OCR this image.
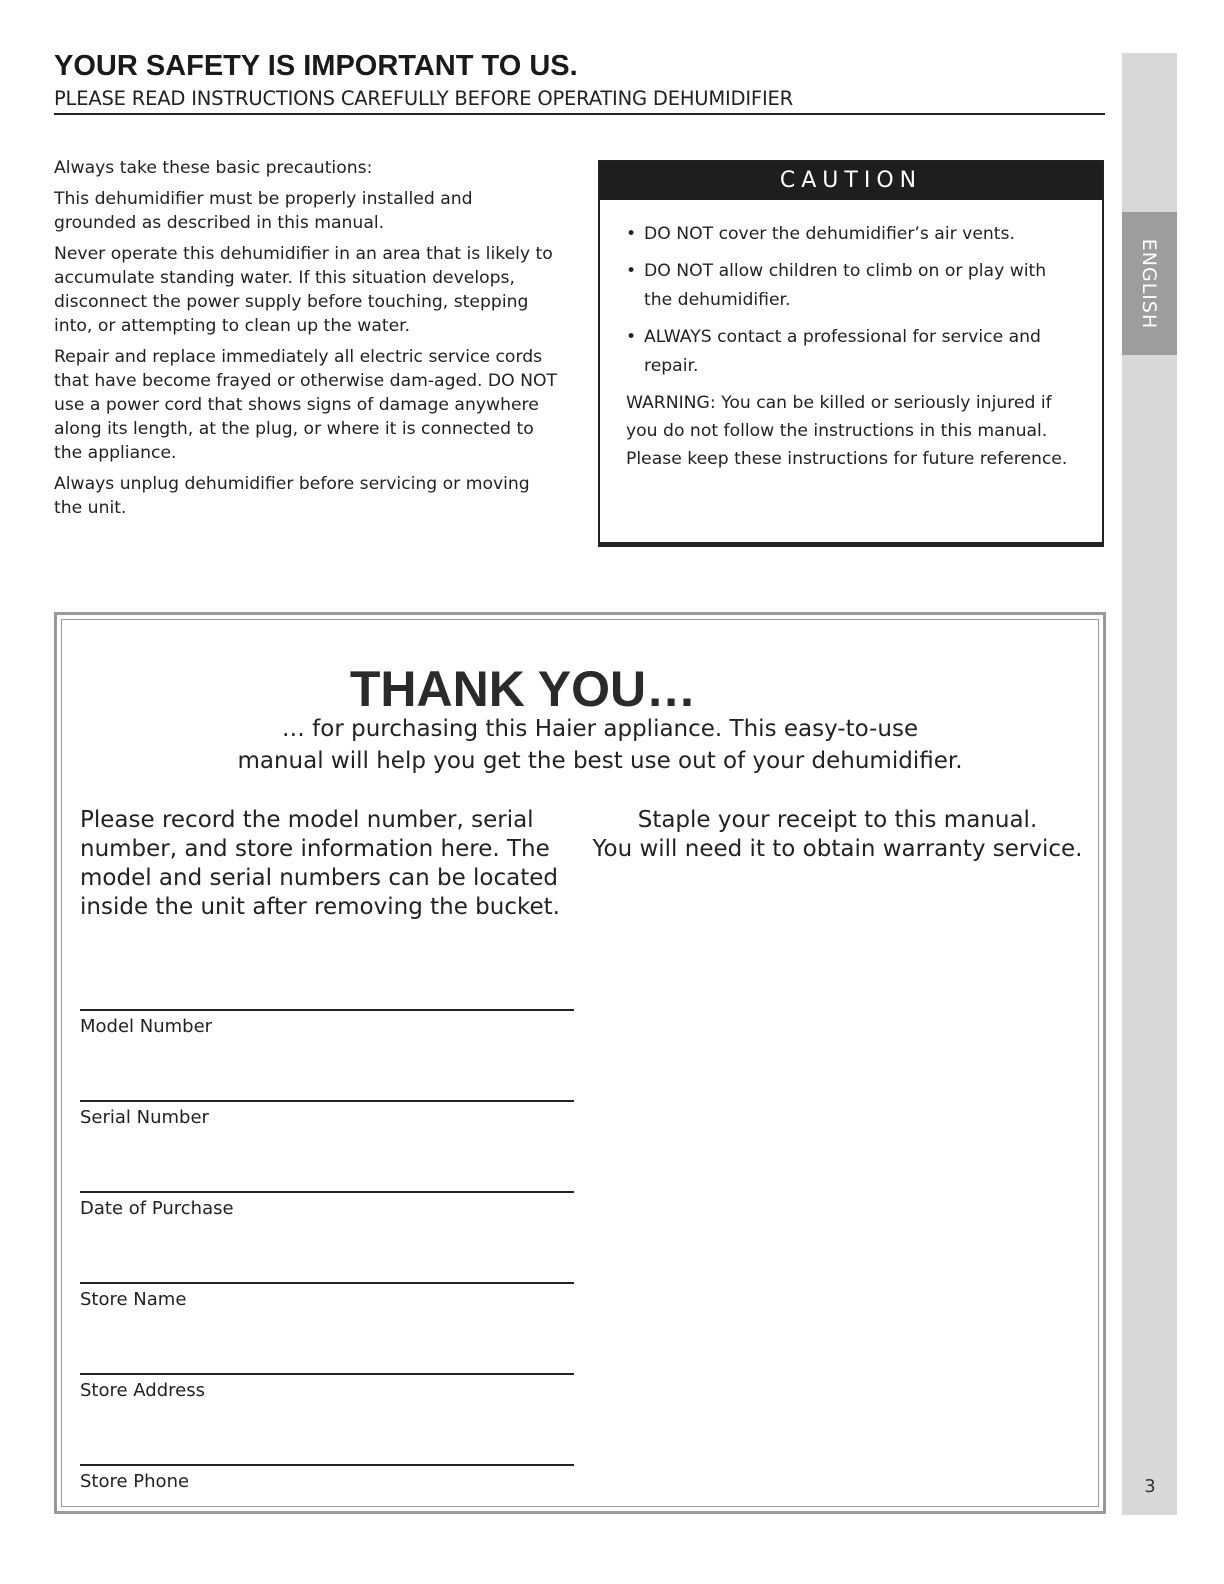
ENGLISH
3
YOUR SAFETY IS IMPORTANT TO US.
PLEASE READ INSTRUCTIONS CAREFULLY BEFORE OPERATING DEHUMIDIFIER

Always take these basic precautions:

This dehumidifier must be properly installed and grounded as described in this manual.

Never operate this dehumidifier in an area that is likely to accumulate standing water. If this situation develops, disconnect the power supply before touching, stepping into, or attempting to clean up the water.

Repair and replace immediately all electric service cords that have become frayed or otherwise dam-aged. DO NOT use a power cord that shows signs of damage anywhere along its length, at the plug, or where it is connected to the appliance.

Always unplug dehumidifier before servicing or moving the unit.

CAUTION
• DO NOT cover the dehumidifier’s air vents.
• DO NOT allow children to climb on or play with the dehumidifier.
• ALWAYS contact a professional for service and repair.

WARNING: You can be killed or seriously injured if you do not follow the instructions in this manual. Please keep these instructions for future reference.

THANK YOU…
… for purchasing this Haier appliance. This easy-to-use
manual will help you get the best use out of your dehumidifier.
Please record the model number, serial number, and store information here. The model and serial numbers can be located inside the unit after removing the bucket.
Staple your receipt to this manual.
You will need it to obtain warranty service.
Model Number
Serial Number
Date of Purchase
Store Name
Store Address
Store Phone
